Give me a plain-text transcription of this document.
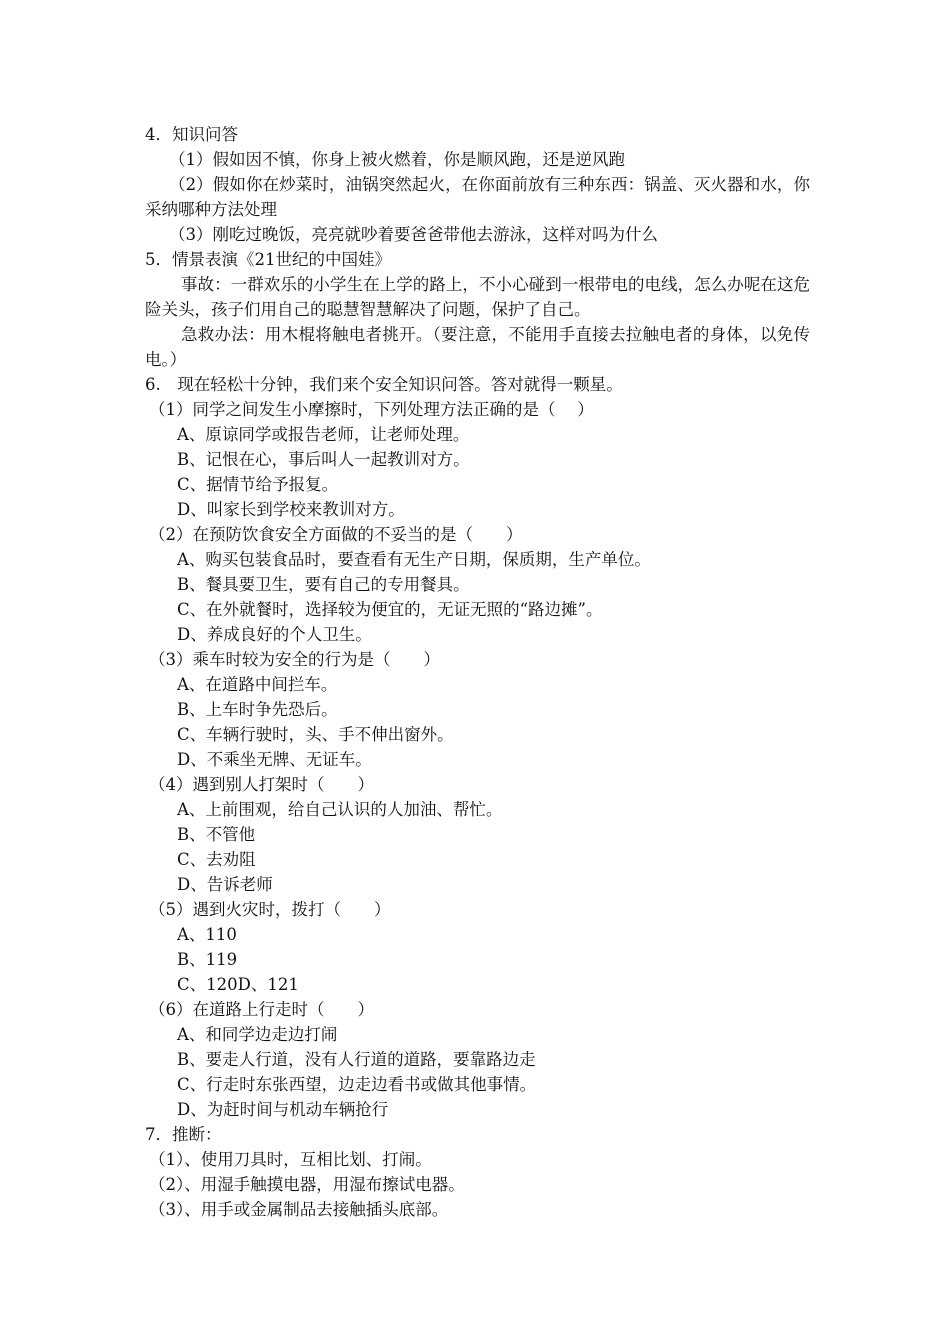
4．知识问答
（1）假如因不慎，你身上被火燃着，你是顺风跑，还是逆风跑
（2）假如你在炒菜时，油锅突然起火，在你面前放有三种东西：锅盖、灭火器和水，你采纳哪种方法处理
（3）刚吃过晚饭，亮亮就吵着要爸爸带他去游泳，这样对吗为什么
5．情景表演《21世纪的中国娃》
事故：一群欢乐的小学生在上学的路上，不小心碰到一根带电的电线，怎么办呢在这危险关头，孩子们用自己的聪慧智慧解决了问题，保护了自己。
急救办法：用木棍将触电者挑开。（要注意，不能用手直接去拉触电者的身体，以免传电。）
6.　现在轻松十分钟，我们来个安全知识问答。答对就得一颗星。
（1）同学之间发生小摩擦时，下列处理方法正确的是（　 ）
A、原谅同学或报告老师，让老师处理。
B、记恨在心，事后叫人一起教训对方。
C、据情节给予报复。
D、叫家长到学校来教训对方。
（2）在预防饮食安全方面做的不妥当的是（　　）
A、购买包装食品时，要查看有无生产日期，保质期，生产单位。
B、餐具要卫生，要有自己的专用餐具。
C、在外就餐时，选择较为便宜的，无证无照的“路边摊”。
D、养成良好的个人卫生。
（3）乘车时较为安全的行为是（　　）
A、在道路中间拦车。
B、上车时争先恐后。
C、车辆行驶时，头、手不伸出窗外。
D、不乘坐无牌、无证车。
（4）遇到别人打架时（　　）
A、上前围观，给自己认识的人加油、帮忙。
B、不管他
C、去劝阻
D、告诉老师
（5）遇到火灾时，拨打（　　）
A、110
B、119
C、120D、121
（6）在道路上行走时（　　）
A、和同学边走边打闹
B、要走人行道，没有人行道的道路，要靠路边走
C、行走时东张西望，边走边看书或做其他事情。
D、为赶时间与机动车辆抢行
7．推断：
（1）、使用刀具时，互相比划、打闹。
（2）、用湿手触摸电器，用湿布擦试电器。
（3）、用手或金属制品去接触插头底部。
